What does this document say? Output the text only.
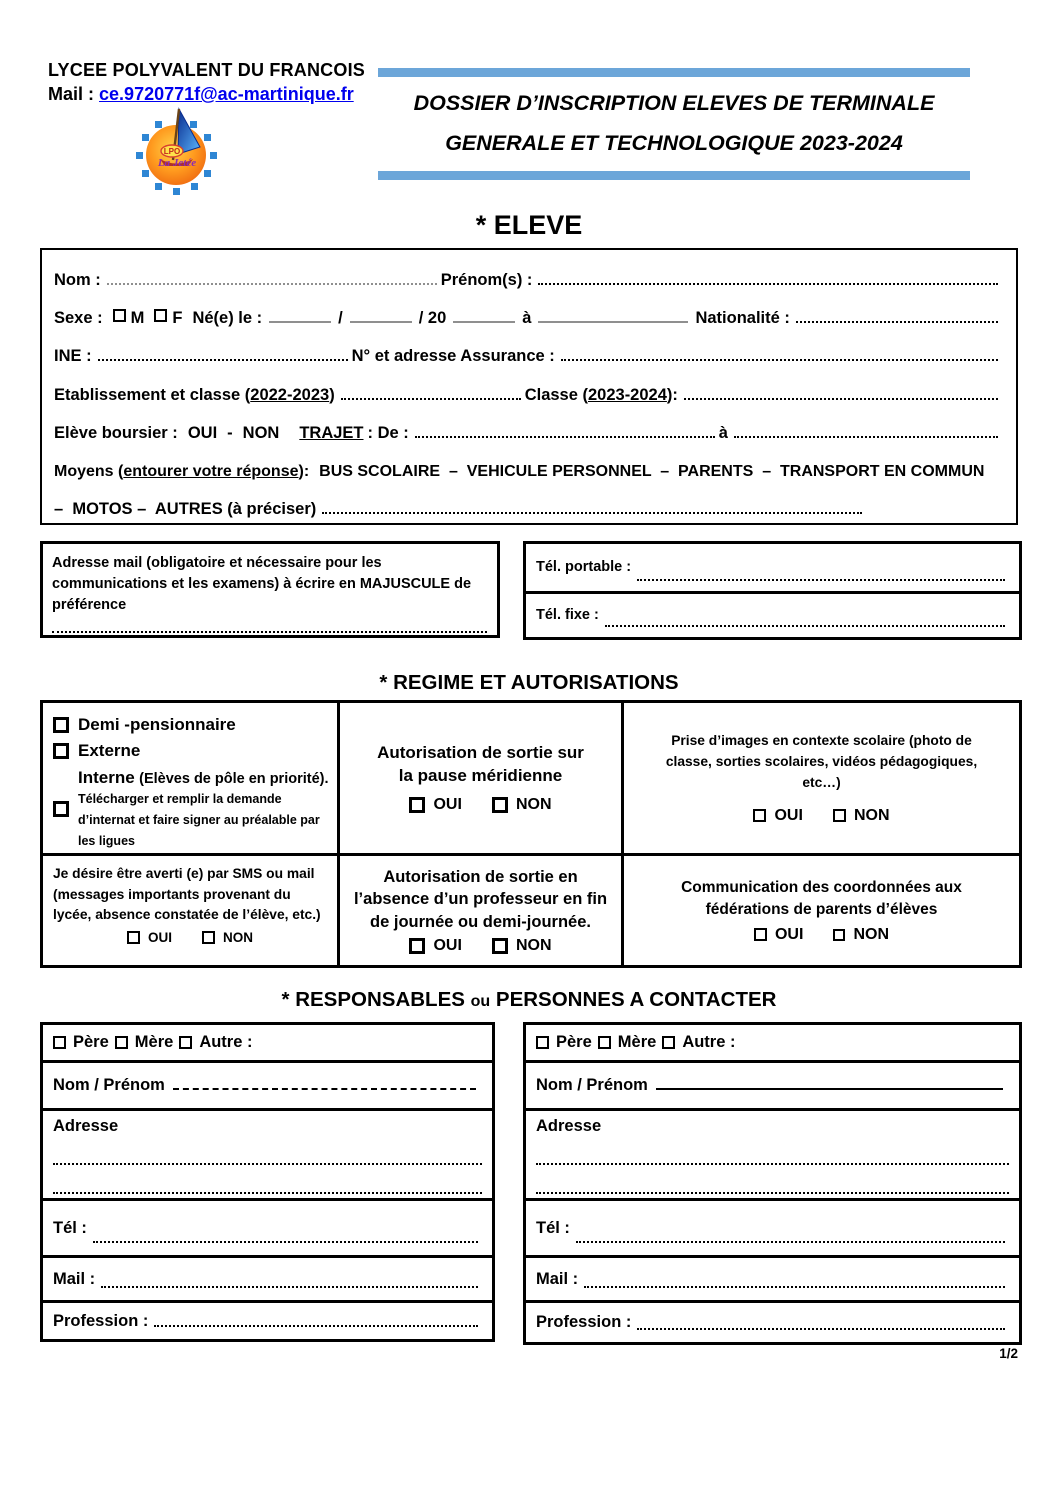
LYCEE POLYVALENT DU FRANCOIS
Mail : ce.9720771f@ac-martinique.fr
LPO
La Jetée
DOSSIER D’INSCRIPTION ELEVES DE TERMINALE
GENERALE ET TECHNOLOGIQUE 2023-2024
* ELEVE
Nom :	Prénom(s) :
Sexe : M F Né(e) le :	/	/ 20	à	Nationalité :
INE :	N° et adresse Assurance :
Etablissement et classe (2022-2023)	Classe (2023-2024):
Elève boursier : OUI - NON TRAJET : De :	à
Moyens (entourer votre réponse): BUS SCOLAIRE  –  VEHICULE PERSONNEL  –  PARENTS  –  TRANSPORT EN COMMUN
–  MOTOS –  AUTRES (à préciser)
Adresse mail (obligatoire et nécessaire pour les communications et les examens) à écrire en MAJUSCULE de préférence
Tél. portable :
Tél. fixe :
* REGIME ET AUTORISATIONS
Demi -pensionnaire
Externe
Interne (Elèves de pôle en priorité). Télécharger et remplir la demande d’internat et faire signer au préalable par les ligues
Autorisation de sortie sur la pause méridienne
OUI	NON
Prise d’images en contexte scolaire (photo de classe, sorties scolaires, vidéos pédagogiques, etc…)
OUI	NON
Je désire être averti (e) par SMS ou mail (messages importants provenant du lycée, absence constatée de l’élève, etc.)
OUI	NON
Autorisation de sortie en l’absence d’un professeur en fin de journée ou demi-journée.
OUI	NON
Communication des coordonnées aux fédérations de parents d’élèves
OUI	NON
* RESPONSABLES ou PERSONNES A CONTACTER
Père Mère Autre :
Nom / Prénom
Adresse
Tél :
Mail :
Profession :
Père Mère Autre :
Nom / Prénom
Adresse
Tél :
Mail :
Profession :
1/2
